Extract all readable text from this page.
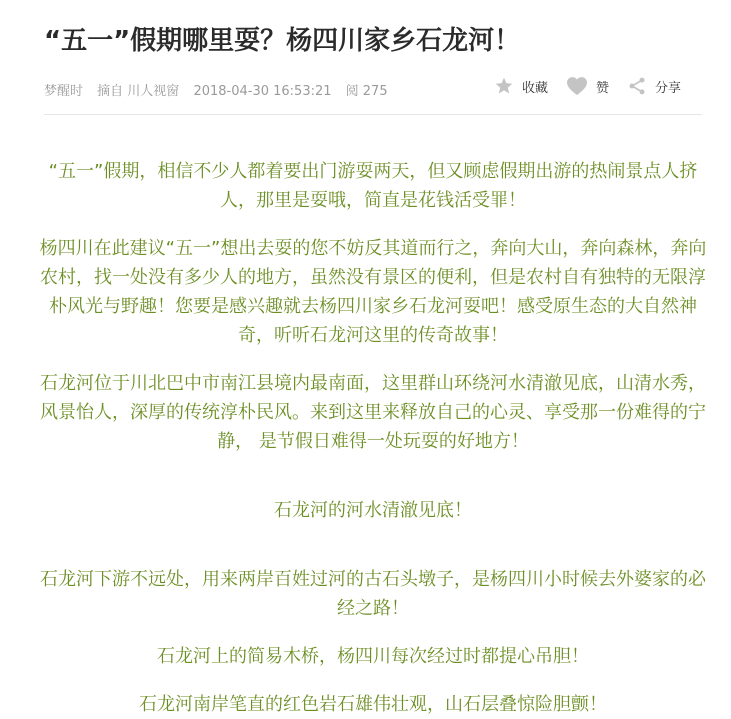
“五一”假期哪里耍？杨四川家乡石龙河！
梦醒时 摘自 川人视窗 2018-04-30 16:53:21 阅 275	收藏	赞	分享

“五一”假期，相信不少人都着要出门游耍两天，但又顾虑假期出游的热闹景点人挤人，那里是耍哦，简直是花钱活受罪！

杨四川在此建议“五一”想出去耍的您不妨反其道而行之，奔向大山，奔向森林，奔向农村，找一处没有多少人的地方，虽然没有景区的便利，但是农村自有独特的无限淳朴风光与野趣！您要是感兴趣就去杨四川家乡石龙河耍吧！感受原生态的大自然神奇，听听石龙河这里的传奇故事！

石龙河位于川北巴中市南江县境内最南面，这里群山环绕河水清澈见底，山清水秀，风景怡人，深厚的传统淳朴民风。来到这里来释放自己的心灵、享受那一份难得的宁静， 是节假日难得一处玩耍的好地方！

石龙河的河水清澈见底！

石龙河下游不远处，用来两岸百姓过河的古石头墩子，是杨四川小时候去外婆家的必经之路！

石龙河上的简易木桥，杨四川每次经过时都提心吊胆！

石龙河南岸笔直的红色岩石雄伟壮观，山石层叠惊险胆颤！
